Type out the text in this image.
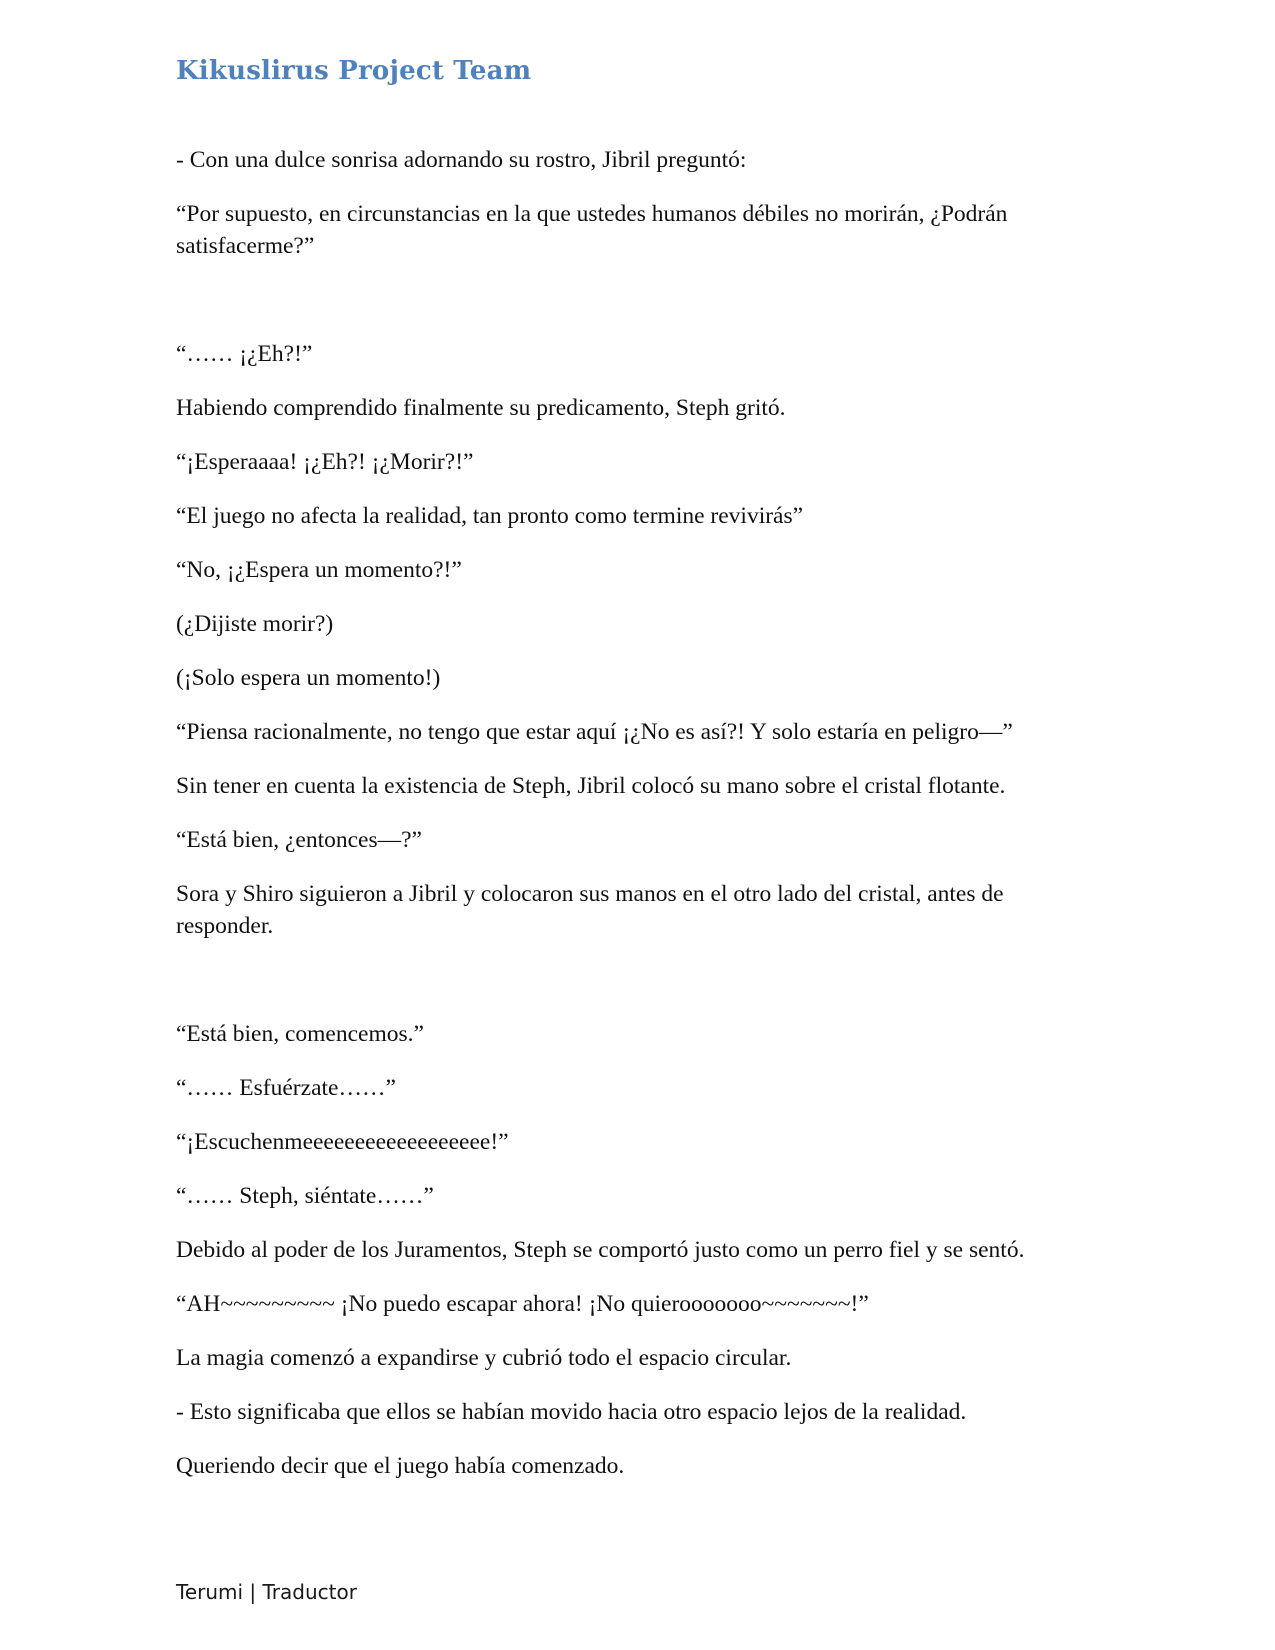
Kikuslirus Project Team

- Con una dulce sonrisa adornando su rostro, Jibril preguntó:

“Por supuesto, en circunstancias en la que ustedes humanos débiles no morirán, ¿Podrán satisfacerme?”

“…… ¡¿Eh?!”

Habiendo comprendido finalmente su predicamento, Steph gritó.

“¡Esperaaaa! ¡¿Eh?! ¡¿Morir?!”

“El juego no afecta la realidad, tan pronto como termine revivirás”

“No, ¡¿Espera un momento?!”

(¿Dijiste morir?)

(¡Solo espera un momento!)

“Piensa racionalmente, no tengo que estar aquí ¡¿No es así?! Y solo estaría en peligro—”

Sin tener en cuenta la existencia de Steph, Jibril colocó su mano sobre el cristal flotante.

“Está bien, ¿entonces—?”

Sora y Shiro siguieron a Jibril y colocaron sus manos en el otro lado del cristal, antes de responder.

“Está bien, comencemos.”

“…… Esfuérzate……”

“¡Escuchenmeeeeeeeeeeeeeeeeee!”

“…… Steph, siéntate……”

Debido al poder de los Juramentos, Steph se comportó justo como un perro fiel y se sentó.

“AH~~~~~~~~~ ¡No puedo escapar ahora! ¡No quierooooooo~~~~~~~!”

La magia comenzó a expandirse y cubrió todo el espacio circular.

- Esto significaba que ellos se habían movido hacia otro espacio lejos de la realidad.

Queriendo decir que el juego había comenzado.

Terumi | Traductor
